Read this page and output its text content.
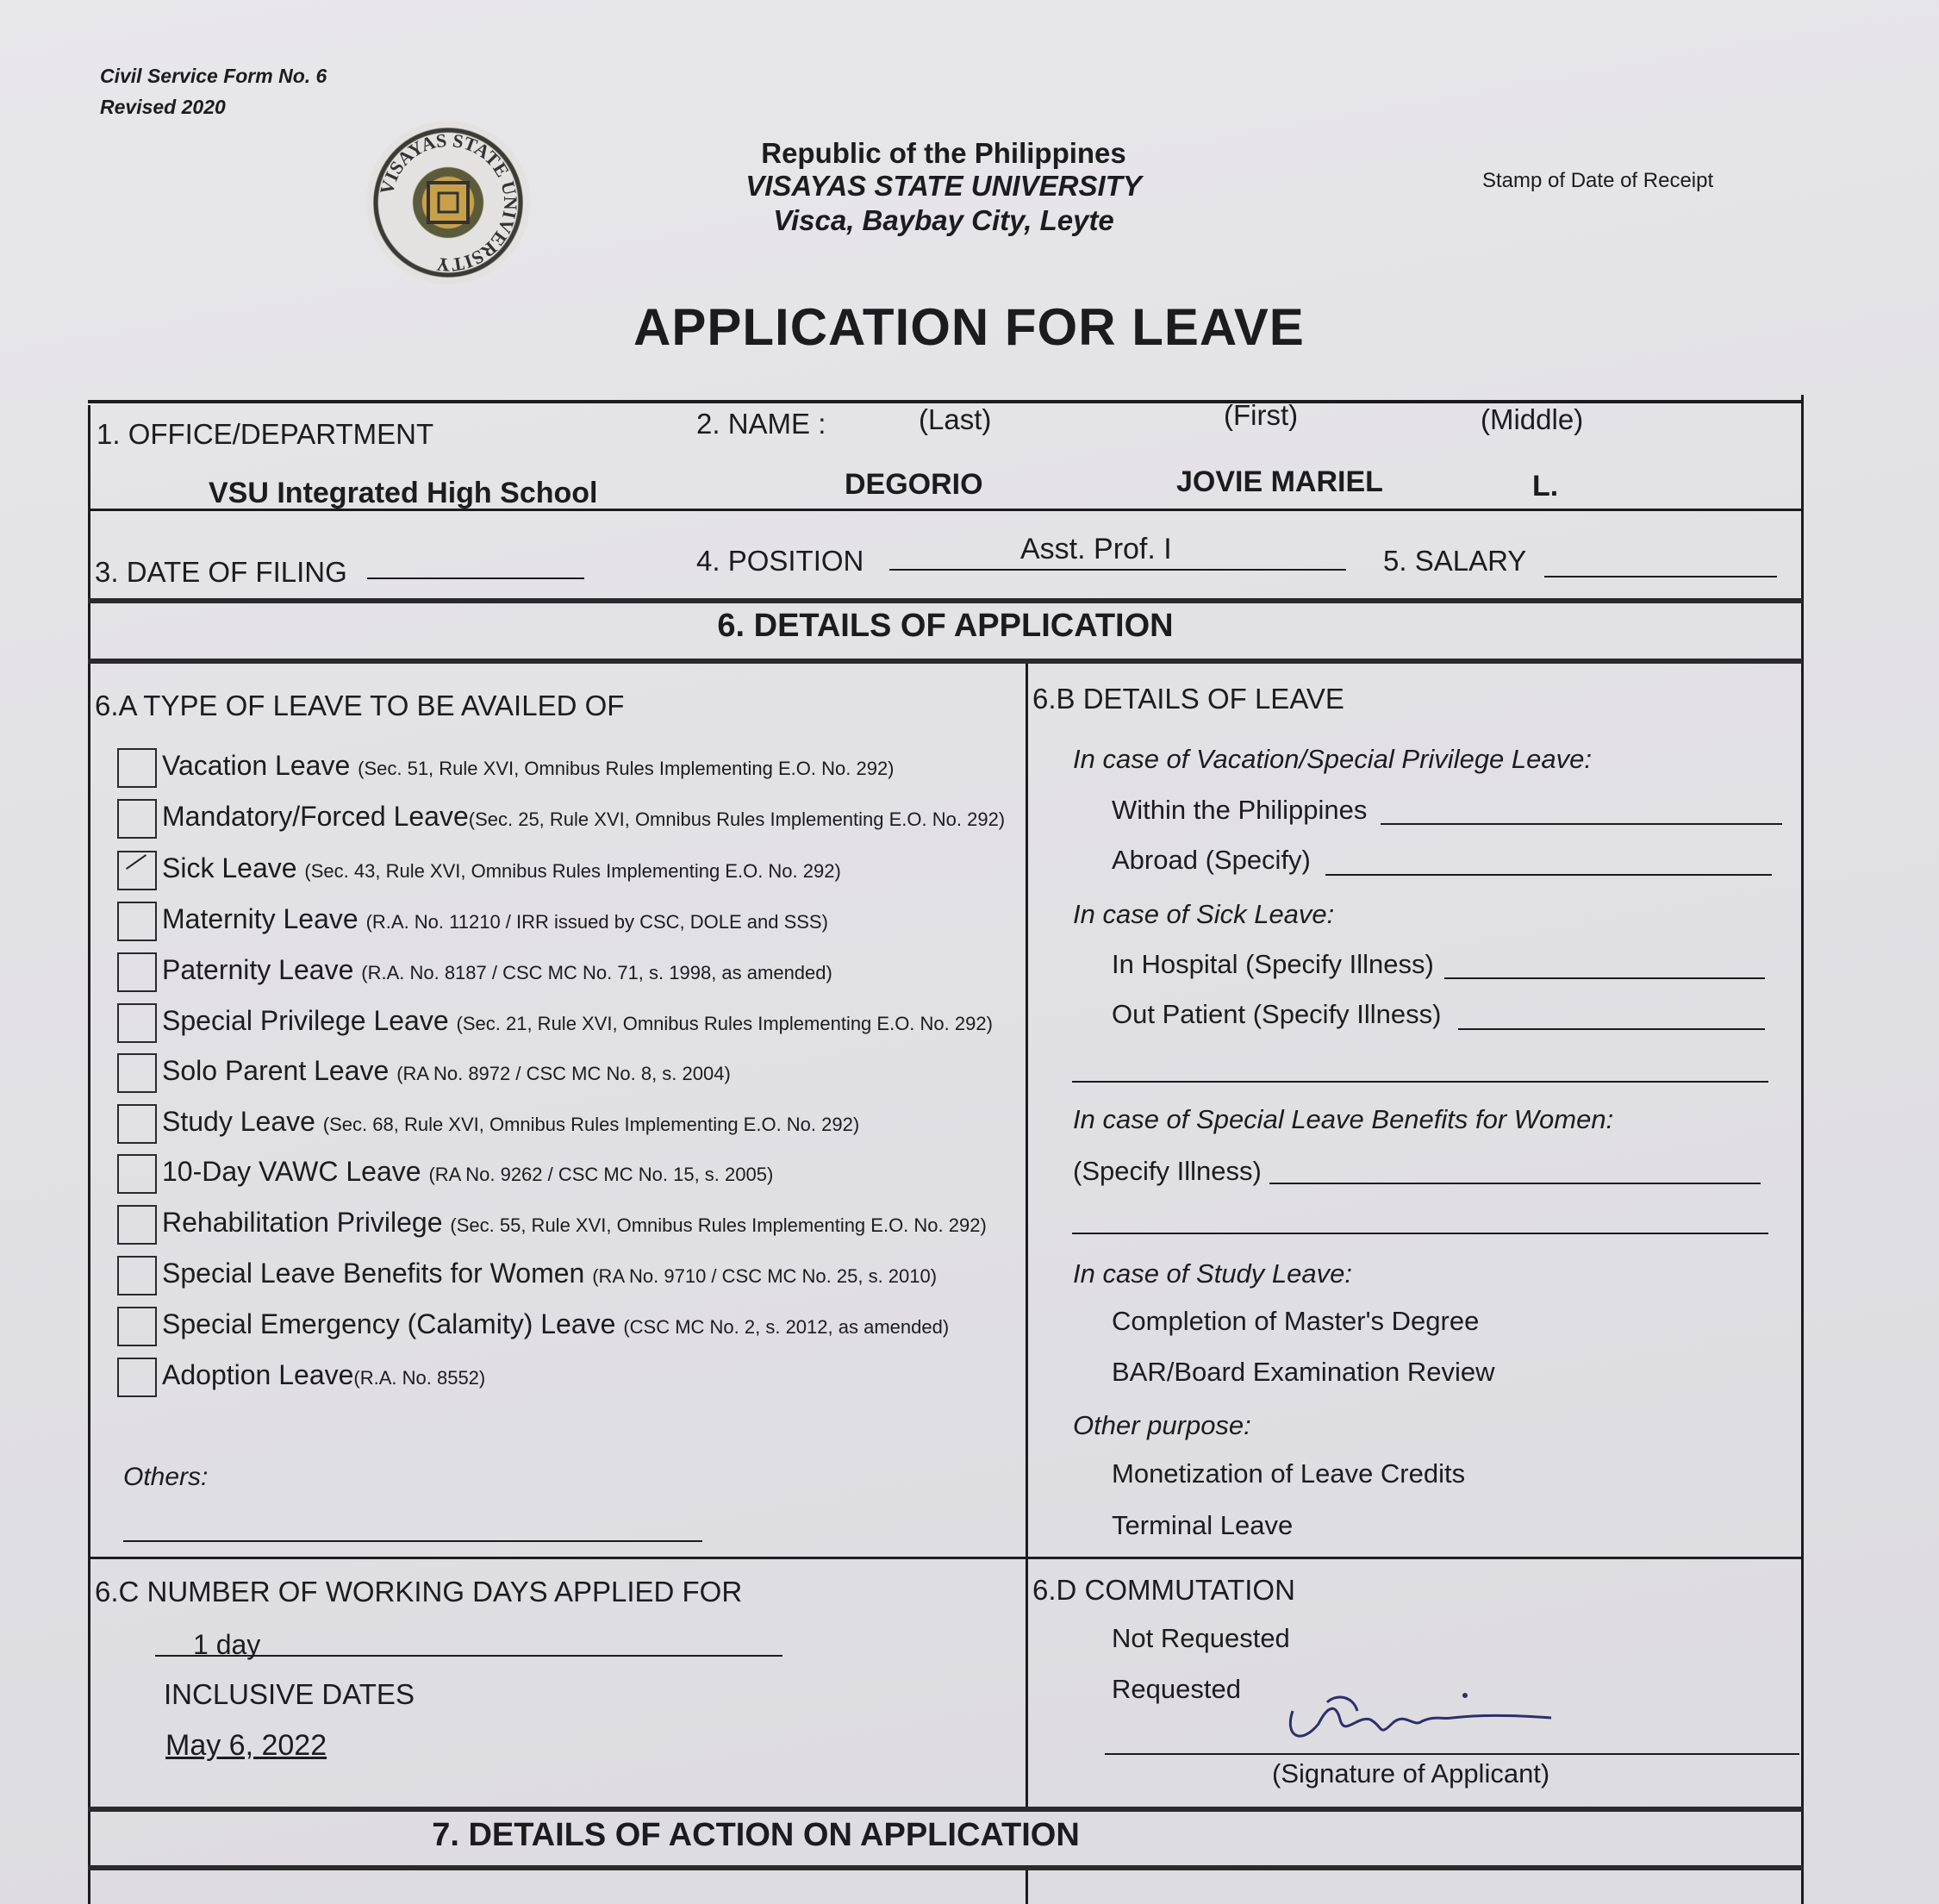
Civil Service Form No. 6
Revised 2020
VISAYAS STATE UNIVERSITY
Republic of the Philippines
VISAYAS STATE UNIVERSITY
Visca, Baybay City, Leyte
Stamp of Date of Receipt
APPLICATION FOR LEAVE
1. OFFICE/DEPARTMENT	2. NAME :	(Last)	(First)	(Middle)
VSU Integrated High School	DEGORIO	JOVIE MARIEL	L.
3. DATE OF FILING	4. POSITION	Asst. Prof. I	5. SALARY
6. DETAILS OF APPLICATION
6.A TYPE OF LEAVE TO BE AVAILED OF
Vacation Leave (Sec. 51, Rule XVI, Omnibus Rules Implementing E.O. No. 292)
Mandatory/Forced Leave(Sec. 25, Rule XVI, Omnibus Rules Implementing E.O. No. 292)
Sick Leave (Sec. 43, Rule XVI, Omnibus Rules Implementing E.O. No. 292)
Maternity Leave (R.A. No. 11210 / IRR issued by CSC, DOLE and SSS)
Paternity Leave (R.A. No. 8187 / CSC MC No. 71, s. 1998, as amended)
Special Privilege Leave (Sec. 21, Rule XVI, Omnibus Rules Implementing E.O. No. 292)
Solo Parent Leave (RA No. 8972 / CSC MC No. 8, s. 2004)
Study Leave (Sec. 68, Rule XVI, Omnibus Rules Implementing E.O. No. 292)
10-Day VAWC Leave (RA No. 9262 / CSC MC No. 15, s. 2005)
Rehabilitation Privilege (Sec. 55, Rule XVI, Omnibus Rules Implementing E.O. No. 292)
Special Leave Benefits for Women (RA No. 9710 / CSC MC No. 25, s. 2010)
Special Emergency (Calamity) Leave (CSC MC No. 2, s. 2012, as amended)
Adoption Leave(R.A. No. 8552)
Others:
6.B DETAILS OF LEAVE
In case of Vacation/Special Privilege Leave:
Within the Philippines
Abroad (Specify)
In case of Sick Leave:
In Hospital (Specify Illness)
Out Patient (Specify Illness)
In case of Special Leave Benefits for Women:
(Specify Illness)
In case of Study Leave:
Completion of Master's Degree
BAR/Board Examination Review
Other purpose:
Monetization of Leave Credits
Terminal Leave
6.C NUMBER OF WORKING DAYS APPLIED FOR
1 day
INCLUSIVE DATES
May 6, 2022
6.D COMMUTATION
Not Requested
Requested
(Signature of Applicant)
7. DETAILS OF ACTION ON APPLICATION
